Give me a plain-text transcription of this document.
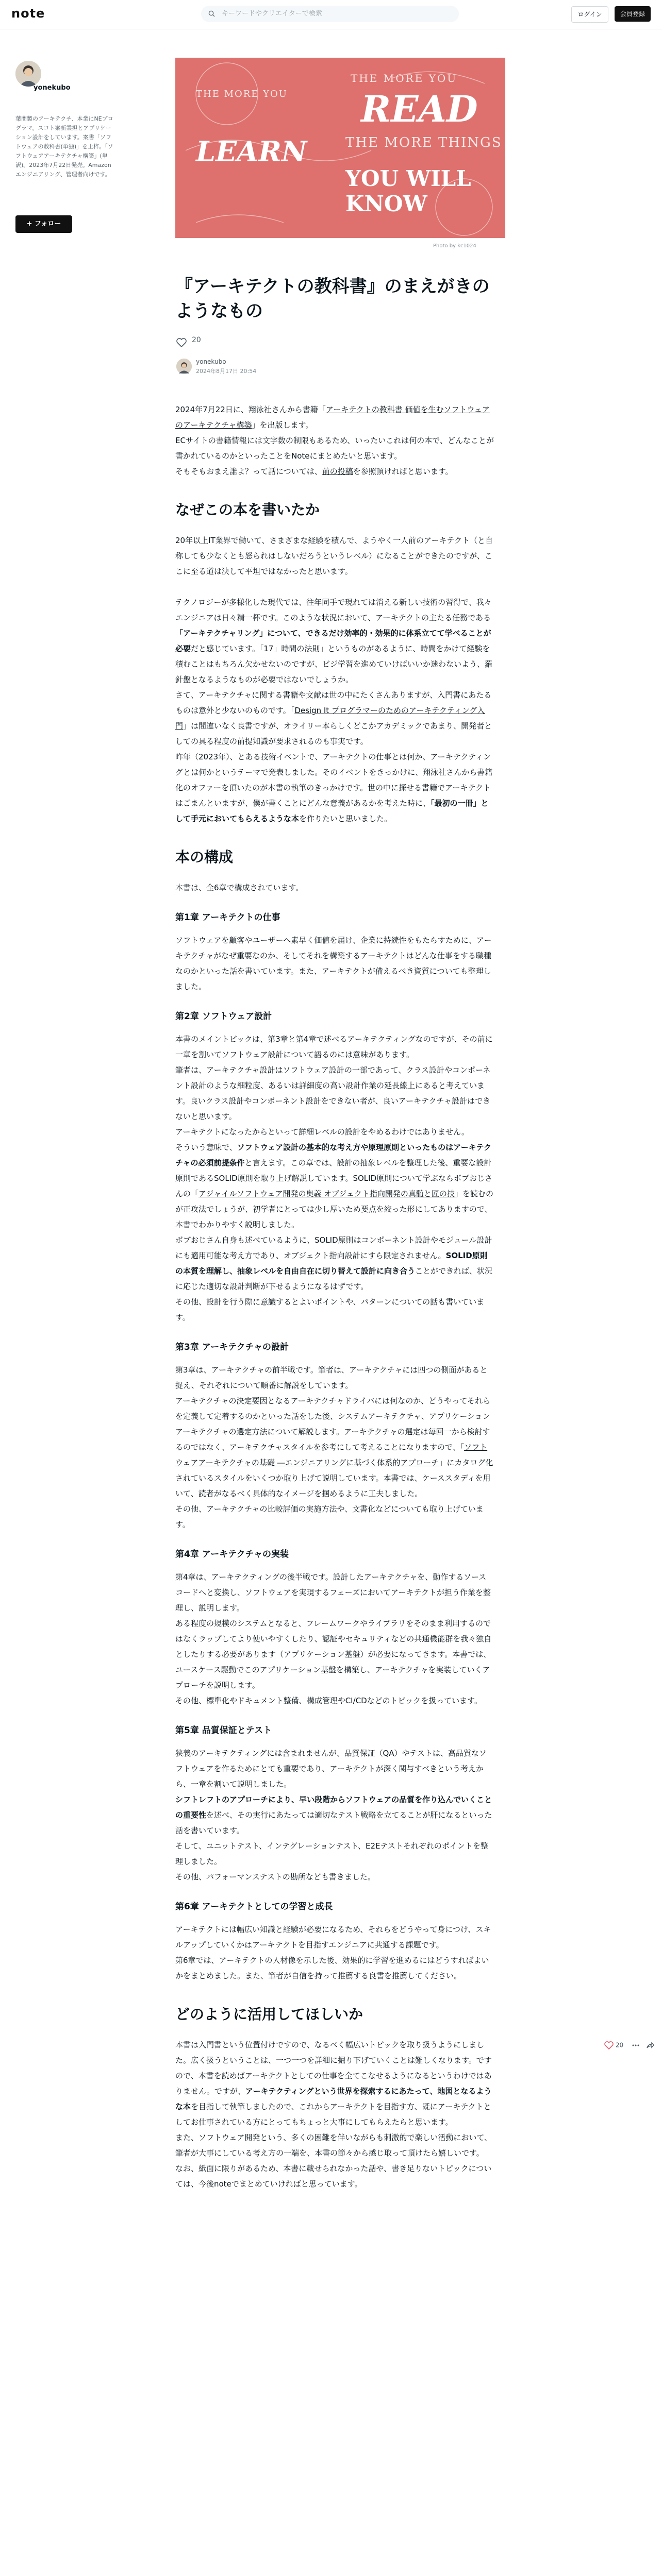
note	キーワードやクリエイターで検索	ログイン	会員登録
yonekubo
葉蘭製のアーキテクチ、本業にNEプログラマ。スコト案新業担とアプリケーション設計をしています。案書「ソフトウェアの教科書(単独)」を上梓。「ソフトウェアアーキテクチャ構築」(単訳)。2023年7月22日発売。Amazon エンジニアリング、管理者向けです。
+ フォロー
THE MORE YOU
READ
THE MORE THINGS
YOU WILL KNOW
LEARN
THE MORE YOU
Photo by kc1024
『アーキテクトの教科書』のまえがきのようなもの
20
yonekubo
2024年8月17日 20:54

2024年7月22日に、翔泳社さんから書籍「アーキテクトの教科書 価値を生むソフトウェアのアーキテクチャ構築」を出版します。
ECサイトの書籍情報には文字数の制限もあるため、いったいこれは何の本で、どんなことが書かれているのかといったことをNoteにまとめたいと思います。
そもそもおまえ誰よ？って話については、前の投稿を参照頂ければと思います。

なぜこの本を書いたか

20年以上IT業界で働いて、さまざまな経験を積んで、ようやく一人前のアーキテクト（と自称しても少なくとも怒られはしないだろうというレベル）になることができたのですが、ここに至る道は決して平坦ではなかったと思います。

テクノロジーが多様化した現代では、往年同手で現れては消える新しい技術の習得で、我々エンジニアは日々精一杯です。このような状況において、アーキテクトの主たる任務である「アーキテクチャリング」について、できるだけ効率的・効果的に体系立てて学べることが必要だと感じています。「17」時間の法則」というものがあるように、時間をかけて経験を積むことはもちろん欠かせないのですが、ビジ学習を進めていけばいいか迷わないよう、羅針盤となるようなものが必要ではないでしょうか。
さて、アーキテクチャに関する書籍や文献は世の中にたくさんありますが、入門書にあたるものは意外と少ないのものです。「Design It プログラマーのためのアーキテクティング入門」は間違いなく良書ですが、オライリー本らしくどこかアカデミックであまり、開発者としての具る程度の前提知識が要求されるのも事実です。
昨年（2023年）、とある技術イベントで、アーキテクトの仕事とは何か、アーキテクティングとは何かというテーマで発表しました。そのイベントをきっかけに、翔泳社さんから書籍化のオファーを頂いたのが本書の執筆のきっかけです。世の中に探せる書籍でアーキテクトはごまんといますが、僕が書くことにどんな意義があるかを考えた時に、「最初の一冊」として手元においてもらえるような本を作りたいと思いました。

本の構成

本書は、全6章で構成されています。

第1章 アーキテクトの仕事

ソフトウェアを顧客やユーザーへ素早く価値を届け、企業に持続性をもたらすために、アーキテクチャがなぜ重要なのか、そしてそれを構築するアーキテクトはどんな仕事をする職種なのかといった話を書いています。また、アーキテクトが備えるべき資質についても整理しました。

第2章 ソフトウェア設計

本書のメイントピックは、第3章と第4章で述べるアーキテクティングなのですが、その前に一章を割いてソフトウェア設計について語るのには意味があります。
筆者は、アーキテクチャ設計はソフトウェア設計の一部であって、クラス設計やコンポーネント設計のような細粒度、あるいは詳細度の高い設計作業の延長線上にあると考えています。良いクラス設計やコンポーネント設計をできない者が、良いアーキテクチャ設計はできないと思います。
アーキテクトになったからといって詳細レベルの設計をやめるわけではありません。
そういう意味で、ソフトウェア設計の基本的な考え方や原理原則といったものはアーキテクチャの必須前提条件と言えます。この章では、設計の抽象レベルを整理した後、重要な設計原則であるSOLID原則を取り上げ解説しています。SOLID原則について学ぶならボブおじさんの「アジャイルソフトウェア開発の奥義 オブジェクト指向開発の真髄と匠の技」を読むのが正攻法でしょうが、初学者にとっては少し厚いため要点を絞った形にしてありますので、本書でわかりやすく説明しました。
ボブおじさん自身も述べているように、SOLID原則はコンポーネント設計やモジュール設計にも適用可能な考え方であり、オブジェクト指向設計にすら限定されません。SOLID原則の本質を理解し、抽象レベルを自由自在に切り替えて設計に向き合うことができれば、状況に応じた適切な設計判断が下せるようになるはずです。
その他、設計を行う際に意識するとよいポイントや、パターンについての話も書いています。

第3章 アーキテクチャの設計

第3章は、アーキテクチャの前半戦です。筆者は、アーキテクチャには四つの側面があると捉え、それぞれについて順番に解説をしています。
アーキテクチャの決定要因となるアーキテクチャドライバには何なのか、どうやってそれらを定義して定着するのかといった話をした後、システムアーキテクチャ、アプリケーションアーキテクチャの選定方法について解説します。アーキテクチャの選定は毎回一から検討するのではなく、アーキテクチャスタイルを参考にして考えることになりますので、「ソフトウェアアーキテクチャの基礎 ―エンジニアリングに基づく体系的アプローチ」にカタログ化されているスタイルをいくつか取り上げて説明しています。本書では、ケーススタディを用いて、読者がなるべく具体的なイメージを掴めるように工夫しました。
その他、アーキテクチャの比較評価の実施方法や、文書化などについても取り上げています。

第4章 アーキテクチャの実装

第4章は、アーキテクティングの後半戦です。設計したアーキテクチャを、動作するソースコードへと変換し、ソフトウェアを実現するフェーズにおいてアーキテクトが担う作業を整理し、説明します。
ある程度の規模のシステムとなると、フレームワークやライブラリをそのまま利用するのではなくラップしてより使いやすくしたり、認証やセキュリティなどの共通機能群を我々独自としたりする必要があります（アプリケーション基盤）が必要になってきます。本書では、ユースケース駆動でこのアプリケーション基盤を構築し、アーキテクチャを実装していくアプローチを説明します。
その他、標準化やドキュメント整備、構成管理やCI/CDなどのトピックを扱っています。

第5章 品質保証とテスト

狭義のアーキテクティングには含まれませんが、品質保証（QA）やテストは、高品質なソフトウェアを作るためにとても重要であり、アーキテクトが深く関与すべきという考えから、一章を割いて説明しました。
シフトレフトのアプローチにより、早い段階からソフトウェアの品質を作り込んでいくことの重要性を述べ、その実行にあたっては適切なテスト戦略を立てることが肝になるといった話を書いています。
そして、ユニットテスト、インテグレーションテスト、E2Eテストそれぞれのポイントを整理しました。
その他、パフォーマンステストの勘所なども書きました。

第6章 アーキテクトとしての学習と成長

アーキテクトには幅広い知識と経験が必要になるため、それらをどうやって身につけ、スキルアップしていくかはアーキテクトを目指すエンジニアに共通する課題です。
第6章では、アーキテクトの人材像を示した後、効果的に学習を進めるにはどうすればよいかをまとめました。また、筆者が自信を持って推薦する良書を推薦してください。

どのように活用してほしいか

本書は入門書という位置付けですので、なるべく幅広いトピックを取り扱うようにしました。広く扱うということは、一つ一つを詳細に掘り下げていくことは難しくなります。ですので、本書を読めばアーキテクトとしての仕事を全てこなせるようになるというわけではありません。ですが、アーキテクティングという世界を探索するにあたって、地図となるような本を目指して執筆しましたので、これからアーキテクトを目指す方、既にアーキテクトとしてお仕事されている方にとってもちょっと大事にしてもらえたらと思います。
また、ソフトウェア開発という、多くの困難を伴いながらも刺激的で楽しい活動において、筆者が大事にしている考え方の一端を、本書の節々から感じ取って頂けたら嬉しいです。
なお、紙面に限りがあるため、本書に載せられなかった話や、書き足りないトピックについては、今後noteでまとめていければと思っています。

20
